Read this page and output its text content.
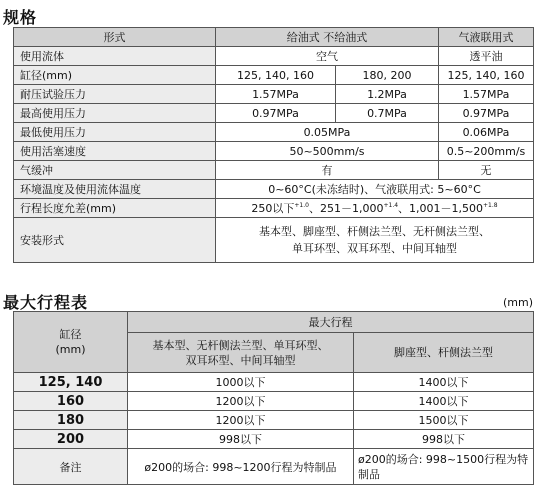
规格
形式	给油式 不给油式		气液联用式
使用流体	空气		透平油
缸径(mm)	125, 140, 160	180, 200	125, 140, 160
耐压试验压力	1.57MPa	1.2MPa	1.57MPa
最高使用压力	0.97MPa	0.7MPa	0.97MPa
最低使用压力	0.05MPa		0.06MPa
使用活塞速度	50~500mm/s		0.5~200mm/s
气缓冲	有		无
环境温度及使用流体温度	0~60°C(未冻结时)、气液联用式: 5~60°C		
行程长度允差(mm)	250以下$^{+1.0}$、$251-1,000^{+1.4}$、$1,001-1,500^{+1.8}$
安装形式	基本型、脚座型、杆侧法兰型、无杆侧法兰型、
单耳环型、双耳环型、中间耳轴型		
最大行程表	(mm)
缸径
(mm)	最大行程	
	基本型、无杆侧法兰型、单耳环型、双耳环型、中间耳轴型	脚座型、杆侧法兰型
125, 140	1000以下	1400以下
160	1200以下	1400以下
180	1200以下	1500以下
200	998以下	998以下
备注	ø200的场合: 998~1200行程为特制品	ø200的场合: 998~1500行程为特制品
